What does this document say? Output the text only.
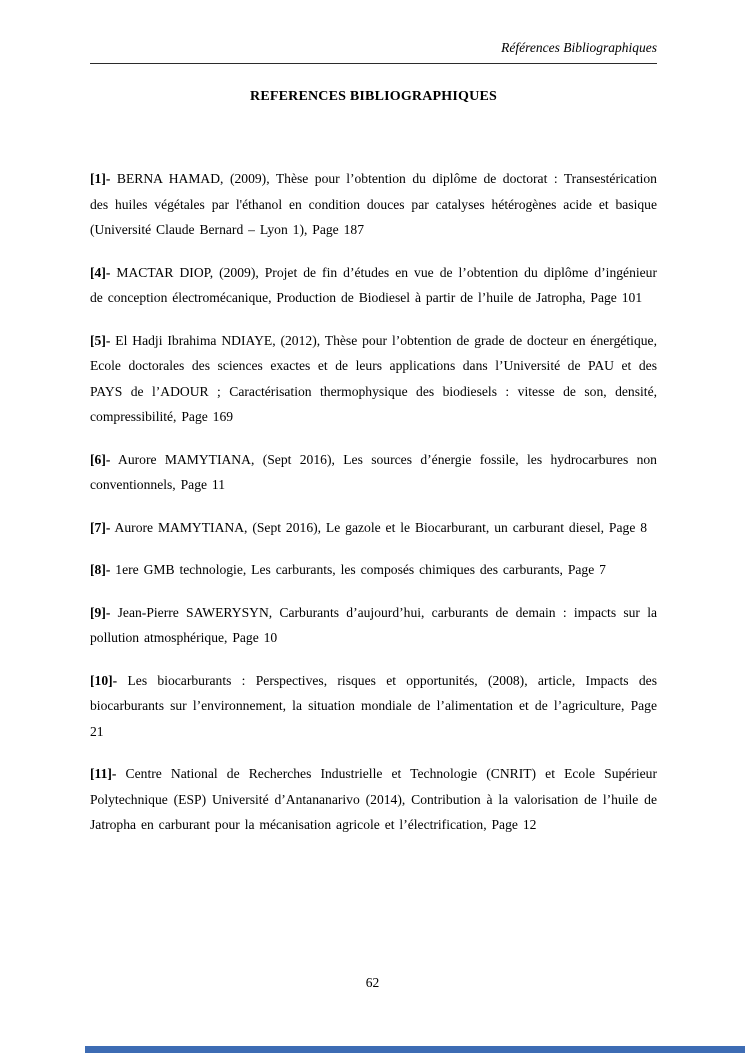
Références Bibliographiques
REFERENCES BIBLIOGRAPHIQUES

[1]- BERNA HAMAD, (2009), Thèse pour l’obtention du diplôme de doctorat : Transestérication des huiles végétales par l'éthanol en condition douces par catalyses hétérogènes acide et basique (Université Claude Bernard – Lyon 1), Page 187

[4]- MACTAR DIOP, (2009), Projet de fin d’études en vue de l’obtention du diplôme d’ingénieur de conception électromécanique, Production de Biodiesel à partir de l’huile de Jatropha, Page 101

[5]- El Hadji Ibrahima NDIAYE, (2012), Thèse pour l’obtention de grade de docteur en énergétique, Ecole doctorales des sciences exactes et de leurs applications dans l’Université de PAU et des PAYS de l’ADOUR ; Caractérisation thermophysique des biodiesels : vitesse de son, densité, compressibilité, Page 169

[6]- Aurore MAMYTIANA, (Sept 2016), Les sources d’énergie fossile, les hydrocarbures non conventionnels, Page 11

[7]- Aurore MAMYTIANA, (Sept 2016), Le gazole et le Biocarburant, un carburant diesel, Page 8

[8]- 1ere GMB technologie, Les carburants, les composés chimiques des carburants, Page 7

[9]- Jean-Pierre SAWERYSYN, Carburants d’aujourd’hui, carburants de demain : impacts sur la pollution atmosphérique, Page 10

[10]- Les biocarburants : Perspectives, risques et opportunités, (2008), article, Impacts des biocarburants sur l’environnement, la situation mondiale de l’alimentation et de l’agriculture, Page 21

[11]- Centre National de Recherches Industrielle et Technologie (CNRIT) et Ecole Supérieur Polytechnique (ESP) Université d’Antananarivo (2014), Contribution à la valorisation de l’huile de Jatropha en carburant pour la mécanisation agricole et l’électrification, Page 12

62
